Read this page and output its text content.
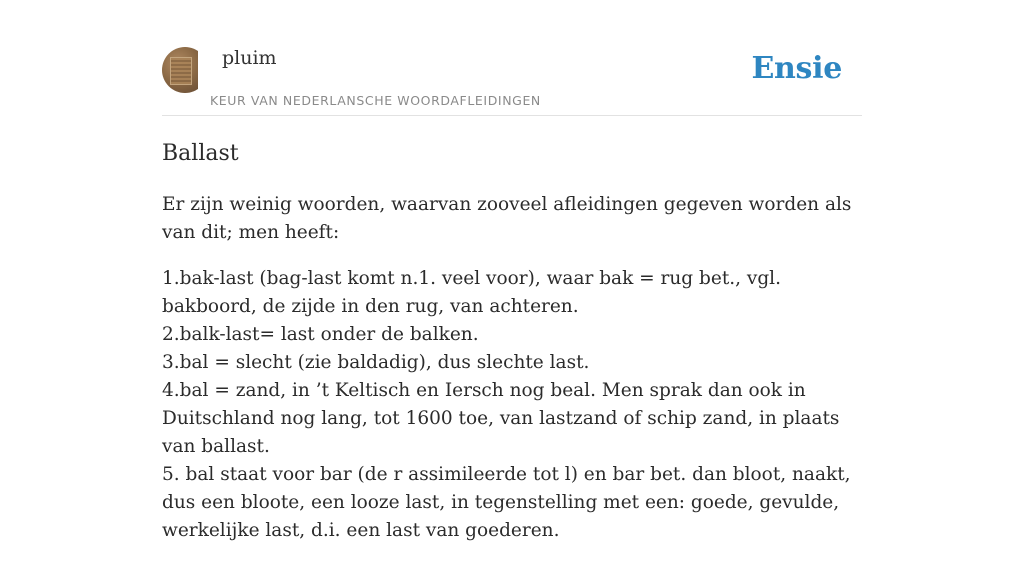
pluim
KEUR VAN NEDERLANSCHE WOORDAFLEIDINGEN
Ensie
Ballast

Er zijn weinig woorden, waarvan zooveel afleidingen gegeven worden als van dit; men heeft:

1.bak-last (bag-last komt n.1. veel voor), waar bak = rug bet., vgl. bakboord, de zijde in den rug, van achteren.
2.balk-last= last onder de balken.
3.bal = slecht (zie baldadig), dus slechte last.
4.bal = zand, in ’t Keltisch en Iersch nog beal. Men sprak dan ook in Duitschland nog lang, tot 1600 toe, van lastzand of schip zand, in plaats van ballast.
5. bal staat voor bar (de r assimileerde tot l) en bar bet. dan bloot, naakt, dus een bloote, een looze last, in tegenstelling met een: goede, gevulde, werkelijke last, d.i. een last van goederen.
